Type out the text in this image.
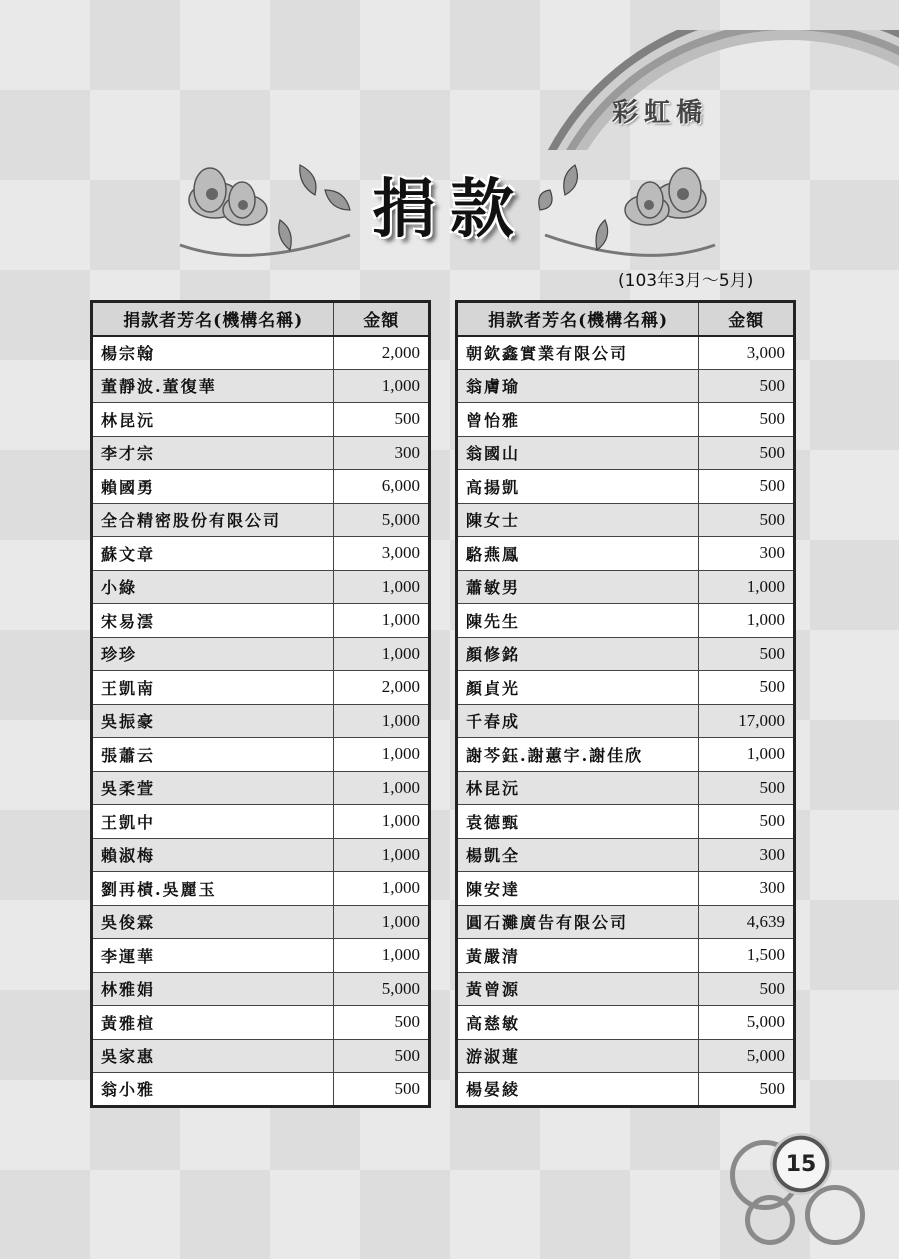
彩虹橋
捐款
(103年3月～5月)
捐款者芳名(機構名稱)	金額
楊宗翰	2,000
董靜波.董復華	1,000
林昆沅	500
李才宗	300
賴國勇	6,000
全合精密股份有限公司	5,000
蘇文章	3,000
小綠	1,000
宋易澐	1,000
珍珍	1,000
王凱南	2,000
吳振豪	1,000
張蕭云	1,000
吳柔萱	1,000
王凱中	1,000
賴淑梅	1,000
劉再樍.吳麗玉	1,000
吳俊霖	1,000
李運華	1,000
林雅娟	5,000
黃雅楦	500
吳家惠	500
翁小雅	500
捐款者芳名(機構名稱)	金額
朝欽鑫實業有限公司	3,000
翁膚瑜	500
曾怡雅	500
翁國山	500
高揚凱	500
陳女士	500
駱燕鳳	300
蕭敏男	1,000
陳先生	1,000
顏修銘	500
顏貞光	500
千春成	17,000
謝芩鈺.謝蕙宇.謝佳欣	1,000
林昆沅	500
袁德甄	500
楊凱全	300
陳安達	300
圓石灘廣告有限公司	4,639
黃嚴清	1,500
黃曾源	500
高慈敏	5,000
游淑蓮	5,000
楊晏綾	500
15
